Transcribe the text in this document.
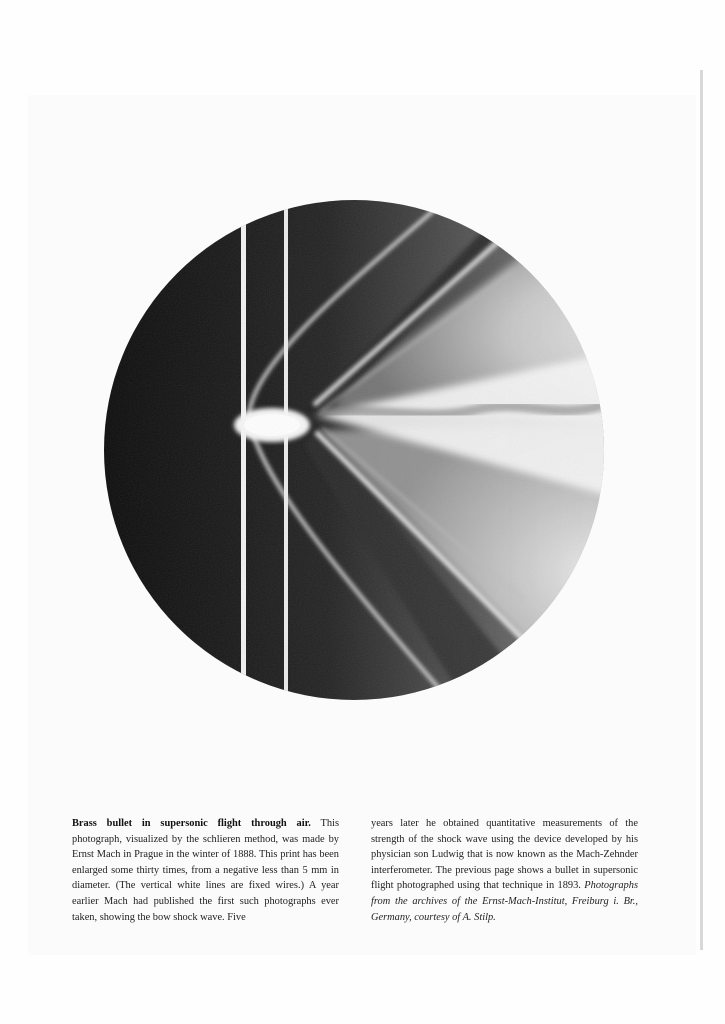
Brass bullet in supersonic flight through air. This photograph, visualized by the schlieren method, was made by Ernst Mach in Prague in the winter of 1888. This print has been enlarged some thirty times, from a negative less than 5 mm in diameter. (The vertical white lines are fixed wires.) A year earlier Mach had published the first such photographs ever taken, showing the bow shock wave. Five

years later he obtained quantitative measurements of the strength of the shock wave using the device developed by his physician son Ludwig that is now known as the Mach-Zehnder interferometer. The previous page shows a bullet in supersonic flight photographed using that technique in 1893. Photographs from the archives of the Ernst-Mach-Institut, Freiburg i. Br., Germany, courtesy of A. Stilp.
